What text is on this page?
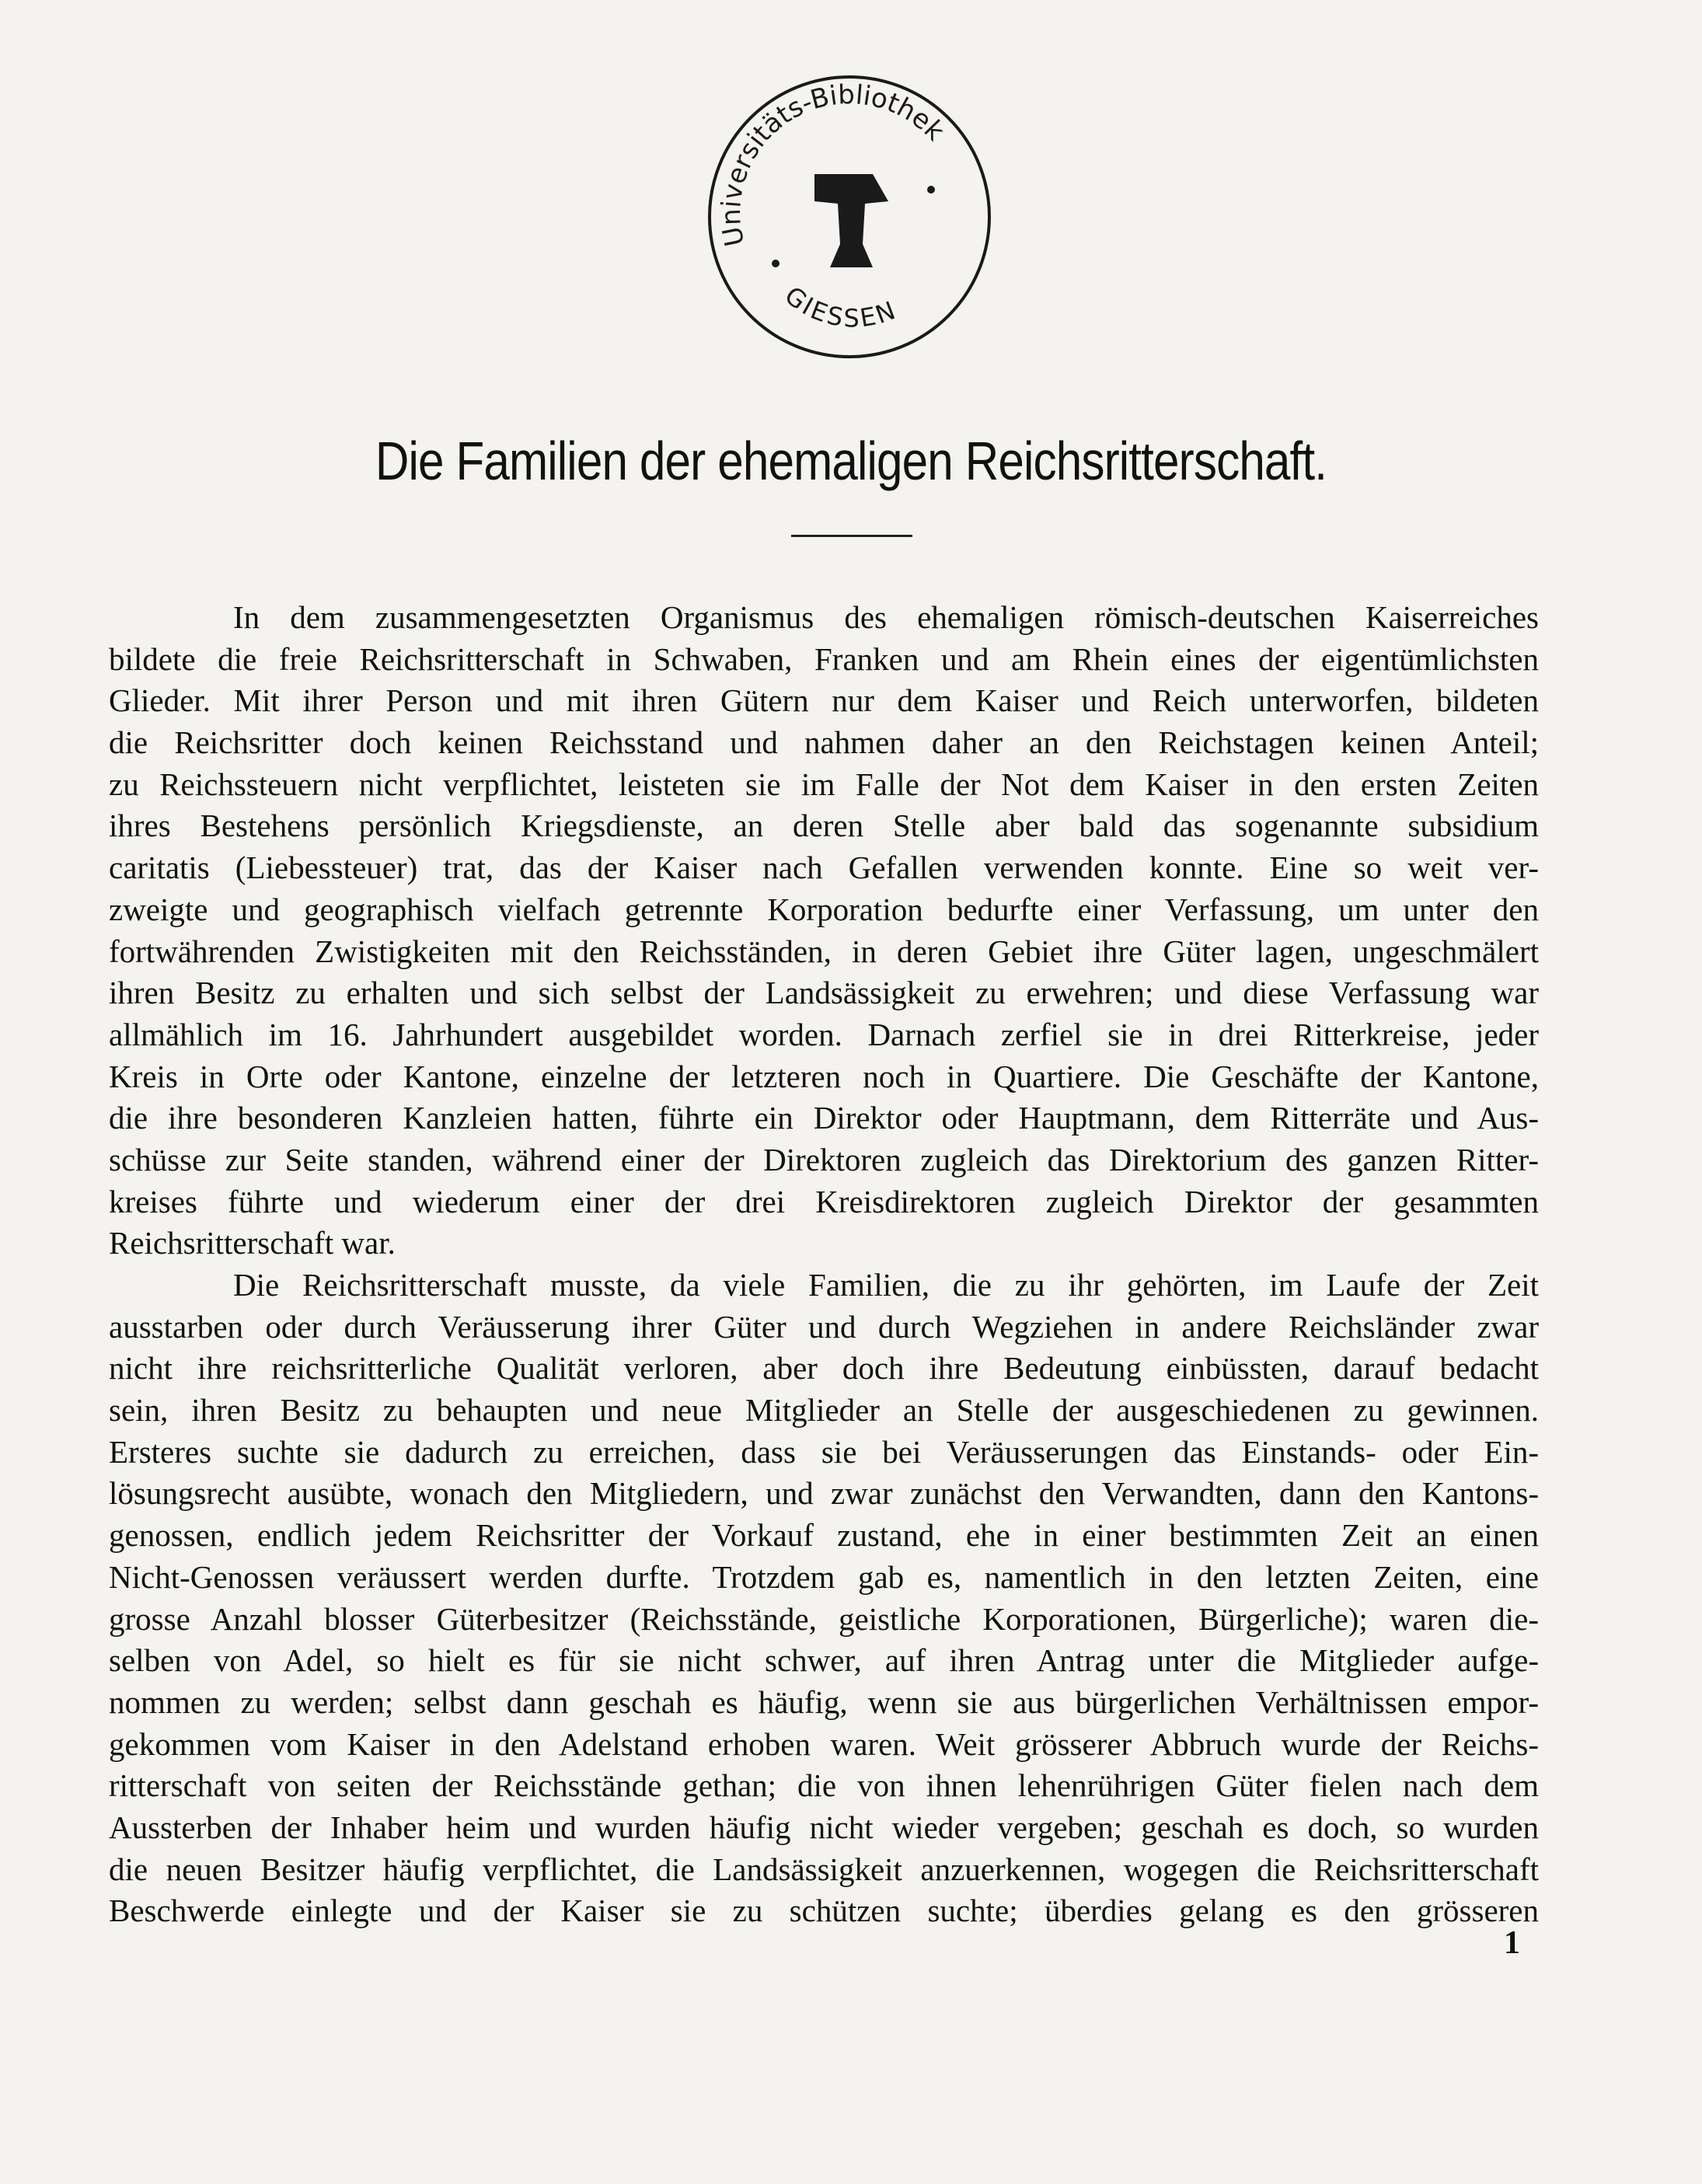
Universitäts-Bibliothek
GIESSEN
Die Familien der ehemaligen Reichsritterschaft.
In dem zusammengesetzten Organismus des ehemaligen römisch-deutschen Kaiserreiches
bildete die freie Reichsritterschaft in Schwaben, Franken und am Rhein eines der eigentümlichsten
Glieder. Mit ihrer Person und mit ihren Gütern nur dem Kaiser und Reich unterworfen, bildeten
die Reichsritter doch keinen Reichsstand und nahmen daher an den Reichstagen keinen Anteil;
zu Reichssteuern nicht verpflichtet, leisteten sie im Falle der Not dem Kaiser in den ersten Zeiten
ihres Bestehens persönlich Kriegsdienste, an deren Stelle aber bald das sogenannte subsidium
caritatis (Liebessteuer) trat, das der Kaiser nach Gefallen verwenden konnte. Eine so weit ver-
zweigte und geographisch vielfach getrennte Korporation bedurfte einer Verfassung, um unter den
fortwährenden Zwistigkeiten mit den Reichsständen, in deren Gebiet ihre Güter lagen, ungeschmälert
ihren Besitz zu erhalten und sich selbst der Landsässigkeit zu erwehren; und diese Verfassung war
allmählich im 16. Jahrhundert ausgebildet worden. Darnach zerfiel sie in drei Ritterkreise, jeder
Kreis in Orte oder Kantone, einzelne der letzteren noch in Quartiere. Die Geschäfte der Kantone,
die ihre besonderen Kanzleien hatten, führte ein Direktor oder Hauptmann, dem Ritterräte und Aus-
schüsse zur Seite standen, während einer der Direktoren zugleich das Direktorium des ganzen Ritter-
kreises führte und wiederum einer der drei Kreisdirektoren zugleich Direktor der gesammten
Reichsritterschaft war.
Die Reichsritterschaft musste, da viele Familien, die zu ihr gehörten, im Laufe der Zeit
ausstarben oder durch Veräusserung ihrer Güter und durch Wegziehen in andere Reichsländer zwar
nicht ihre reichsritterliche Qualität verloren, aber doch ihre Bedeutung einbüssten, darauf bedacht
sein, ihren Besitz zu behaupten und neue Mitglieder an Stelle der ausgeschiedenen zu gewinnen.
Ersteres suchte sie dadurch zu erreichen, dass sie bei Veräusserungen das Einstands- oder Ein-
lösungsrecht ausübte, wonach den Mitgliedern, und zwar zunächst den Verwandten, dann den Kantons-
genossen, endlich jedem Reichsritter der Vorkauf zustand, ehe in einer bestimmten Zeit an einen
Nicht-Genossen veräussert werden durfte. Trotzdem gab es, namentlich in den letzten Zeiten, eine
grosse Anzahl blosser Güterbesitzer (Reichsstände, geistliche Korporationen, Bürgerliche); waren die-
selben von Adel, so hielt es für sie nicht schwer, auf ihren Antrag unter die Mitglieder aufge-
nommen zu werden; selbst dann geschah es häufig, wenn sie aus bürgerlichen Verhältnissen empor-
gekommen vom Kaiser in den Adelstand erhoben waren. Weit grösserer Abbruch wurde der Reichs-
ritterschaft von seiten der Reichsstände gethan; die von ihnen lehenrührigen Güter fielen nach dem
Aussterben der Inhaber heim und wurden häufig nicht wieder vergeben; geschah es doch, so wurden
die neuen Besitzer häufig verpflichtet, die Landsässigkeit anzuerkennen, wogegen die Reichsritterschaft
Beschwerde einlegte und der Kaiser sie zu schützen suchte; überdies gelang es den grösseren
1
